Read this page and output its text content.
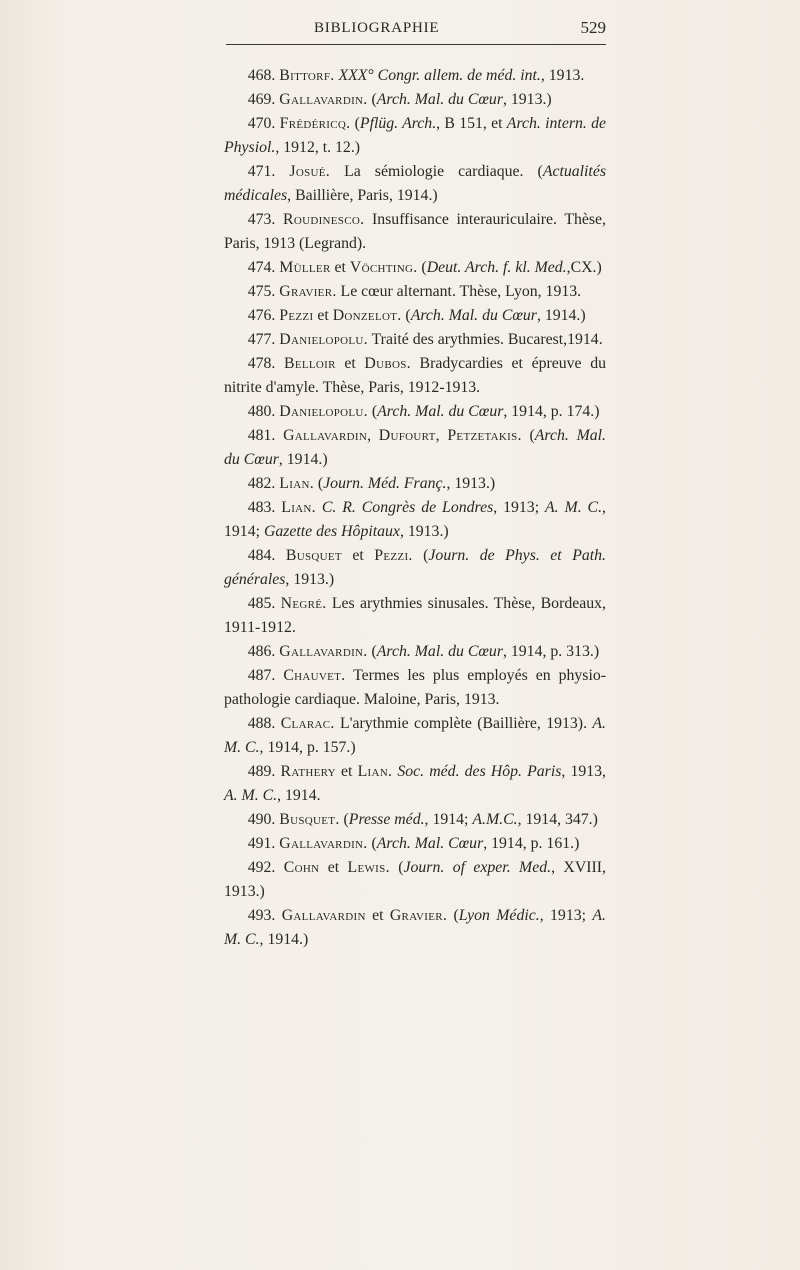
BIBLIOGRAPHIE	529

468. Bittorf. XXX° Congr. allem. de méd. int., 1913.

469. Gallavardin. (Arch. Mal. du Cœur, 1913.)

470. Frédéricq. (Pflüg. Arch., B 151, et Arch. intern. de Physiol., 1912, t. 12.)

471. Josué. La sémiologie cardiaque. (Actualités médicales, Baillière, Paris, 1914.)

473. Roudinesco. Insuffisance interauriculaire. Thèse, Paris, 1913 (Legrand).

474. Müller et Vöchting. (Deut. Arch. f. kl. Med.,CX.)

475. Gravier. Le cœur alternant. Thèse, Lyon, 1913.

476. Pezzi et Donzelot. (Arch. Mal. du Cœur, 1914.)

477. Danielopolu. Traité des arythmies. Bucarest,1914.

478. Belloir et Dubos. Bradycardies et épreuve du nitrite d'amyle. Thèse, Paris, 1912-1913.

480. Danielopolu. (Arch. Mal. du Cœur, 1914, p. 174.)

481. Gallavardin, Dufourt, Petzetakis. (Arch. Mal. du Cœur, 1914.)

482. Lian. (Journ. Méd. Franç., 1913.)

483. Lian. C. R. Congrès de Londres, 1913; A. M. C., 1914; Gazette des Hôpitaux, 1913.)

484. Busquet et Pezzi. (Journ. de Phys. et Path. générales, 1913.)

485. Negré. Les arythmies sinusales. Thèse, Bordeaux, 1911-1912.

486. Gallavardin. (Arch. Mal. du Cœur, 1914, p. 313.)

487. Chauvet. Termes les plus employés en physio-pathologie cardiaque. Maloine, Paris, 1913.

488. Clarac. L'arythmie complète (Baillière, 1913). A. M. C., 1914, p. 157.)

489. Rathery et Lian. Soc. méd. des Hôp. Paris, 1913, A. M. C., 1914.

490. Busquet. (Presse méd., 1914; A.M.C., 1914, 347.)

491. Gallavardin. (Arch. Mal. Cœur, 1914, p. 161.)

492. Cohn et Lewis. (Journ. of exper. Med., XVIII, 1913.)

493. Gallavardin et Gravier. (Lyon Médic., 1913; A. M. C., 1914.)
